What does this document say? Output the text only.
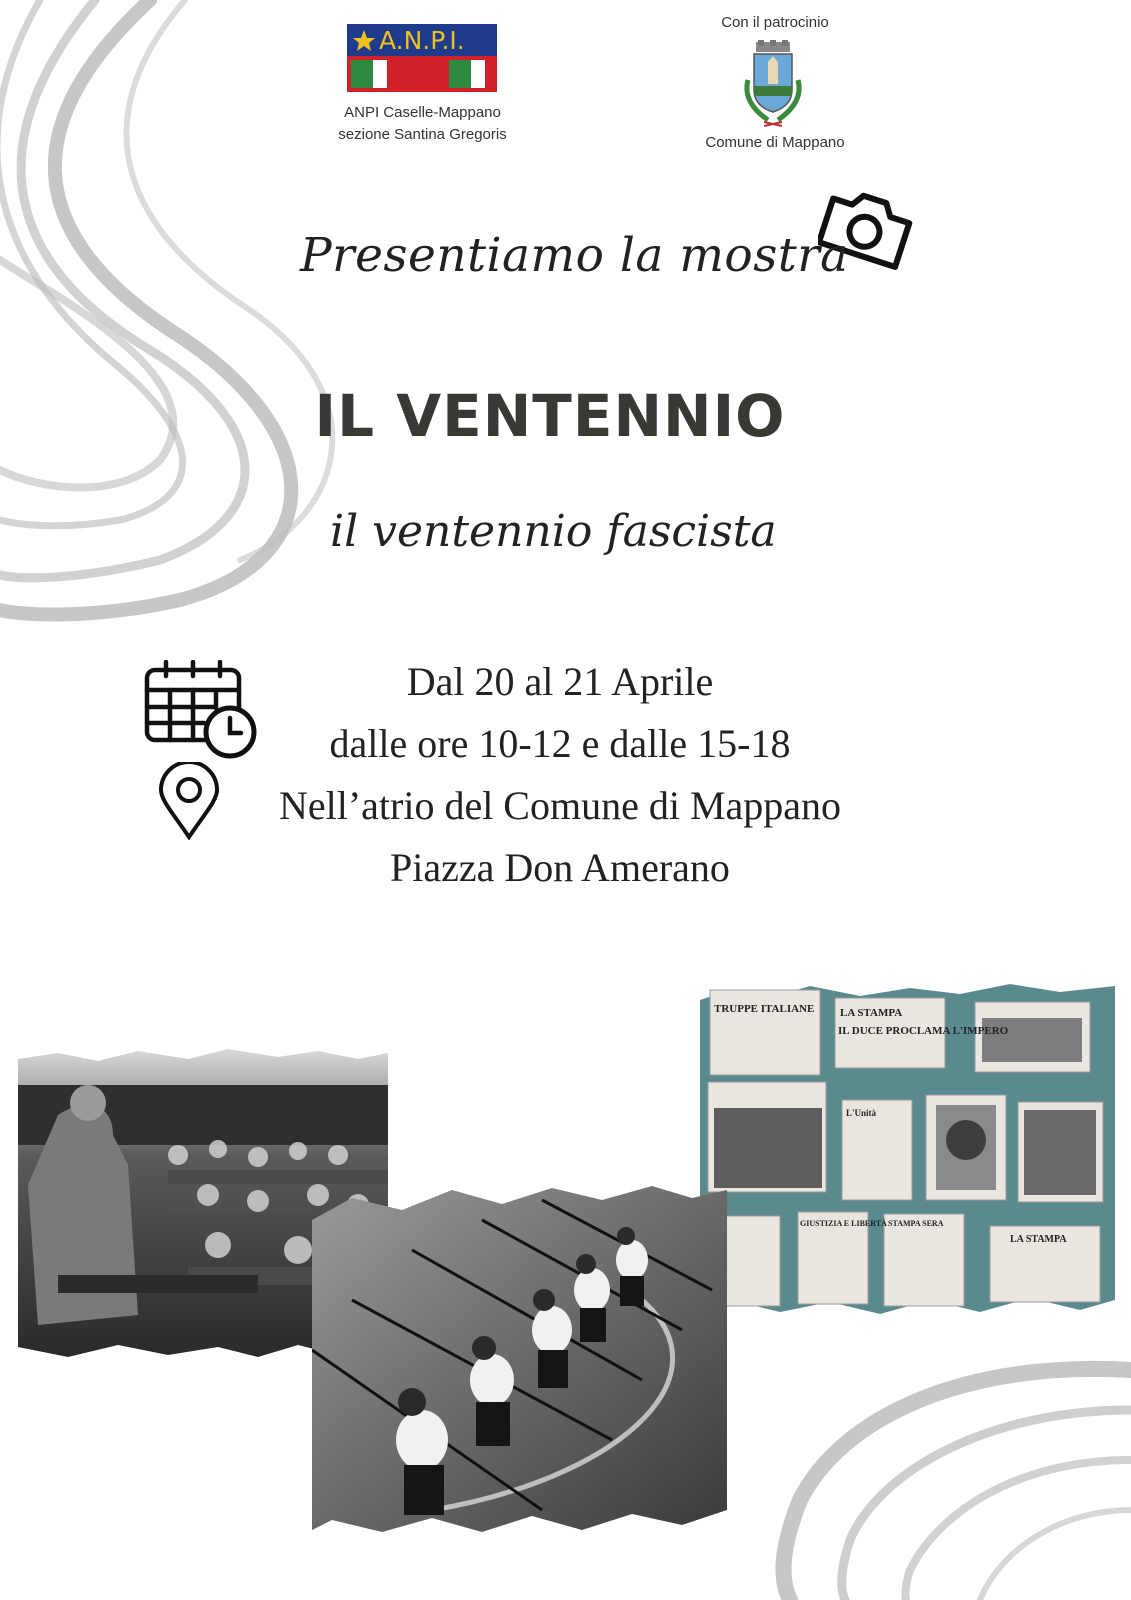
A.N.P.I.
ANPI Caselle-Mappano
sezione Santina Gregoris
Con il patrocinio
Comune di Mappano
Presentiamo la mostra
IL VENTENNIO
il ventennio fascista
Dal 20 al 21 Aprile
dalle ore 10-12 e dalle 15-18
Nell’atrio del Comune di Mappano
Piazza Don Amerano
LA STAMPA
IL DUCE PROCLAMA L'IMPERO
TRUPPE ITALIANE
L'Unità
GIUSTIZIA E LIBERTÀ STAMPA SERA
LA STAMPA
